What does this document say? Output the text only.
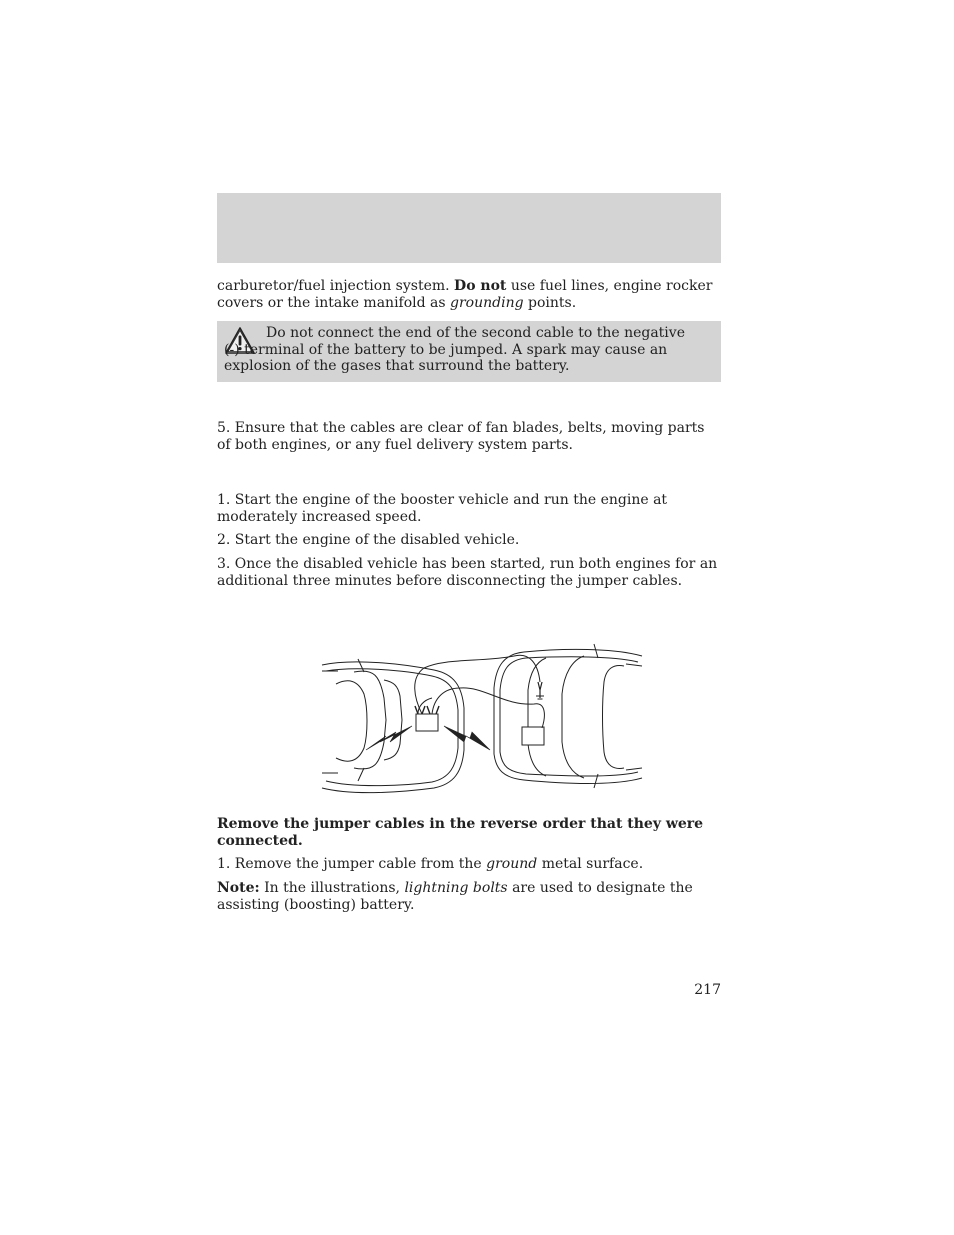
carburetor/fuel injection system. Do not use fuel lines, engine rocker covers or the intake manifold as grounding points.

Do not connect the end of the second cable to the negative (-) terminal of the battery to be jumped. A spark may cause an explosion of the gases that surround the battery.

5. Ensure that the cables are clear of fan blades, belts, moving parts of both engines, or any fuel delivery system parts.

1. Start the engine of the booster vehicle and run the engine at moderately increased speed.

2. Start the engine of the disabled vehicle.

3. Once the disabled vehicle has been started, run both engines for an additional three minutes before disconnecting the jumper cables.

Remove the jumper cables in the reverse order that they were connected.

1. Remove the jumper cable from the ground metal surface.

Note: In the illustrations, lightning bolts are used to designate the assisting (boosting) battery.

217
